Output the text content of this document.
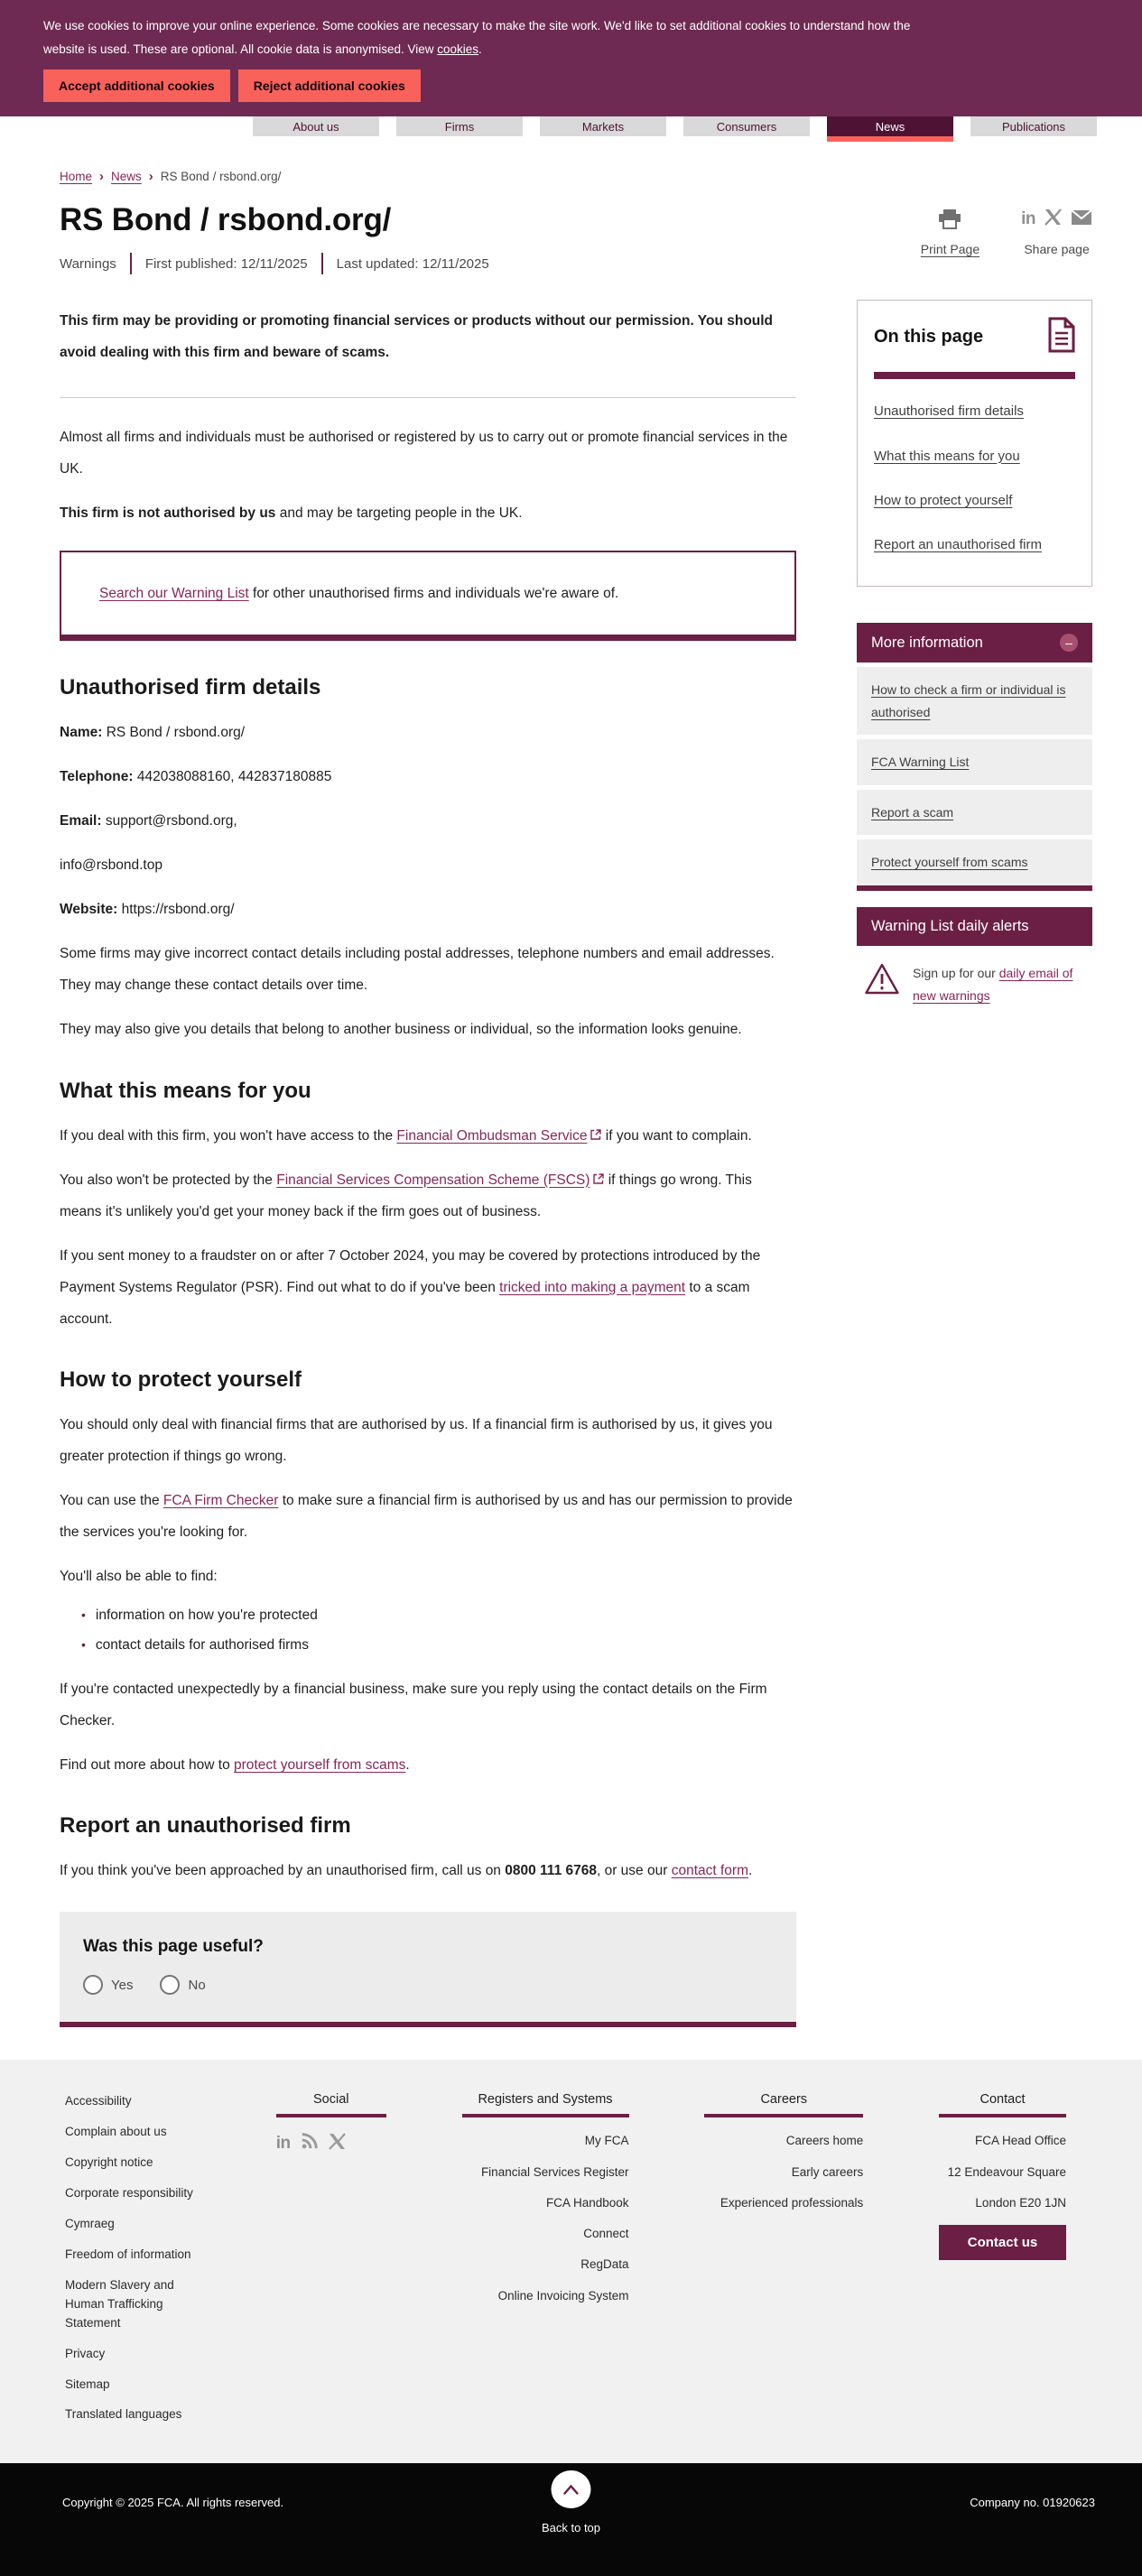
We use cookies to improve your online experience. Some cookies are necessary to make the site work. We'd like to set additional cookies to understand how the website is used. These are optional. All cookie data is anonymised. View cookies.
Accept additional cookies	Reject additional cookies
About us	Firms	Markets	Consumers	News	Publications
Home › News › RS Bond / rsbond.org/
RS Bond / rsbond.org/
Warnings First published: 12/11/2025 Last updated: 12/11/2025
Print Page
in
Share page

This firm may be providing or promoting financial services or products without our permission. You should avoid dealing with this firm and beware of scams.

Almost all firms and individuals must be authorised or registered by us to carry out or promote financial services in the UK.

This firm is not authorised by us and may be targeting people in the UK.

Search our Warning List for other unauthorised firms and individuals we're aware of.

Unauthorised firm details

Name: RS Bond / rsbond.org/

Telephone: 442038088160, 442837180885

Email: support@rsbond.org,

info@rsbond.top

Website: https://rsbond.org/

Some firms may give incorrect contact details including postal addresses, telephone numbers and email addresses. They may change these contact details over time.

They may also give you details that belong to another business or individual, so the information looks genuine.

What this means for you

If you deal with this firm, you won't have access to the Financial Ombudsman Service if you want to complain.

You also won't be protected by the Financial Services Compensation Scheme (FSCS) if things go wrong. This means it's unlikely you'd get your money back if the firm goes out of business.

If you sent money to a fraudster on or after 7 October 2024, you may be covered by protections introduced by the Payment Systems Regulator (PSR). Find out what to do if you've been tricked into making a payment to a scam account.

How to protect yourself

You should only deal with financial firms that are authorised by us. If a financial firm is authorised by us, it gives you greater protection if things go wrong.

You can use the FCA Firm Checker to make sure a financial firm is authorised by us and has our permission to provide the services you're looking for.

You'll also be able to find:

• information on how you're protected
• contact details for authorised firms

If you're contacted unexpectedly by a financial business, make sure you reply using the contact details on the Firm Checker.

Find out more about how to protect yourself from scams.

Report an unauthorised firm

If you think you've been approached by an unauthorised firm, call us on 0800 111 6768, or use our contact form.

Was this page useful?
Yes	No
On this page
Unauthorised firm details
What this means for you
How to protect yourself
Report an unauthorised firm
More information	–
How to check a firm or individual is authorised
FCA Warning List
Report a scam
Protect yourself from scams
Warning List daily alerts
Sign up for our daily email of new warnings
Accessibility
Complain about us
Copyright notice
Corporate responsibility
Cymraeg
Freedom of information
Modern Slavery and Human Trafficking Statement
Privacy
Sitemap
Translated languages
Social
in
Registers and Systems
My FCA
Financial Services Register
FCA Handbook
Connect
RegData
Online Invoicing System
Careers
Careers home
Early careers
Experienced professionals
Contact
FCA Head Office
12 Endeavour Square
London E20 1JN
Contact us
Copyright © 2025 FCA. All rights reserved.
Back to top
Company no. 01920623
